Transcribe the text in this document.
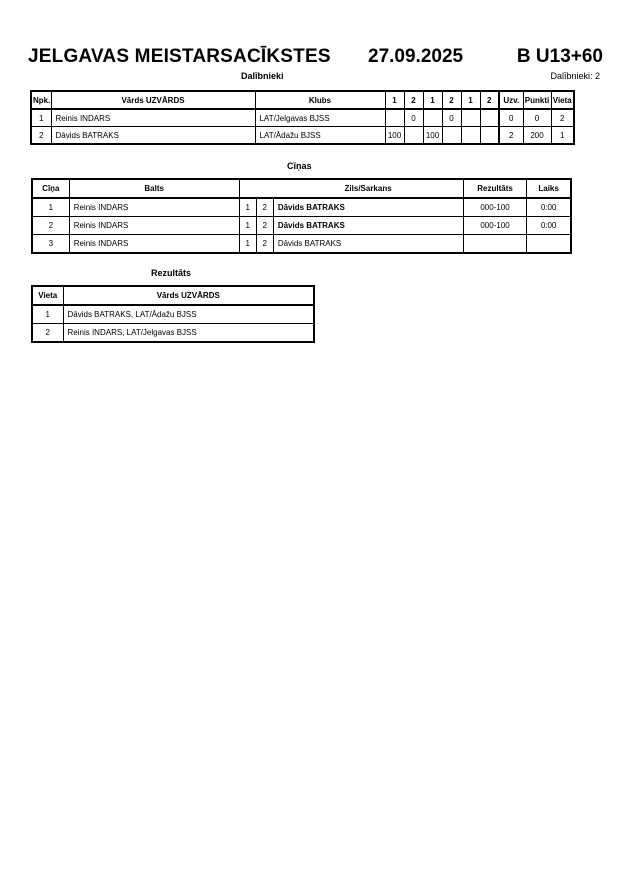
JELGAVAS MEISTARSACĪKSTES 27.09.2025	B U13+60
Dalībnieki	Dalībnieki: 2
Npk.	Vārds UZVĀRDS	Klubs	1	2	1	2	1	2	Uzv.	Punkti	Vieta
1	Reinis INDARS	LAT/Jelgavas BJSS		0		0			0	0	2
2	Dāvids BATRAKS	LAT/Ādažu BJSS	100		100				2	200	1
Cīņas
Cīņa	Balts			Zils/Sarkans	Rezultāts	Laiks
1	Reinis INDARS	1	2	Dāvids BATRAKS	000-100	0:00
2	Reinis INDARS	1	2	Dāvids BATRAKS	000-100	0:00
3	Reinis INDARS	1	2	Dāvids BATRAKS		
Rezultāts
Vieta	Vārds UZVĀRDS
1	Dāvids BATRAKS, LAT/Ādažu BJSS
2	Reinis INDARS, LAT/Jelgavas BJSS
